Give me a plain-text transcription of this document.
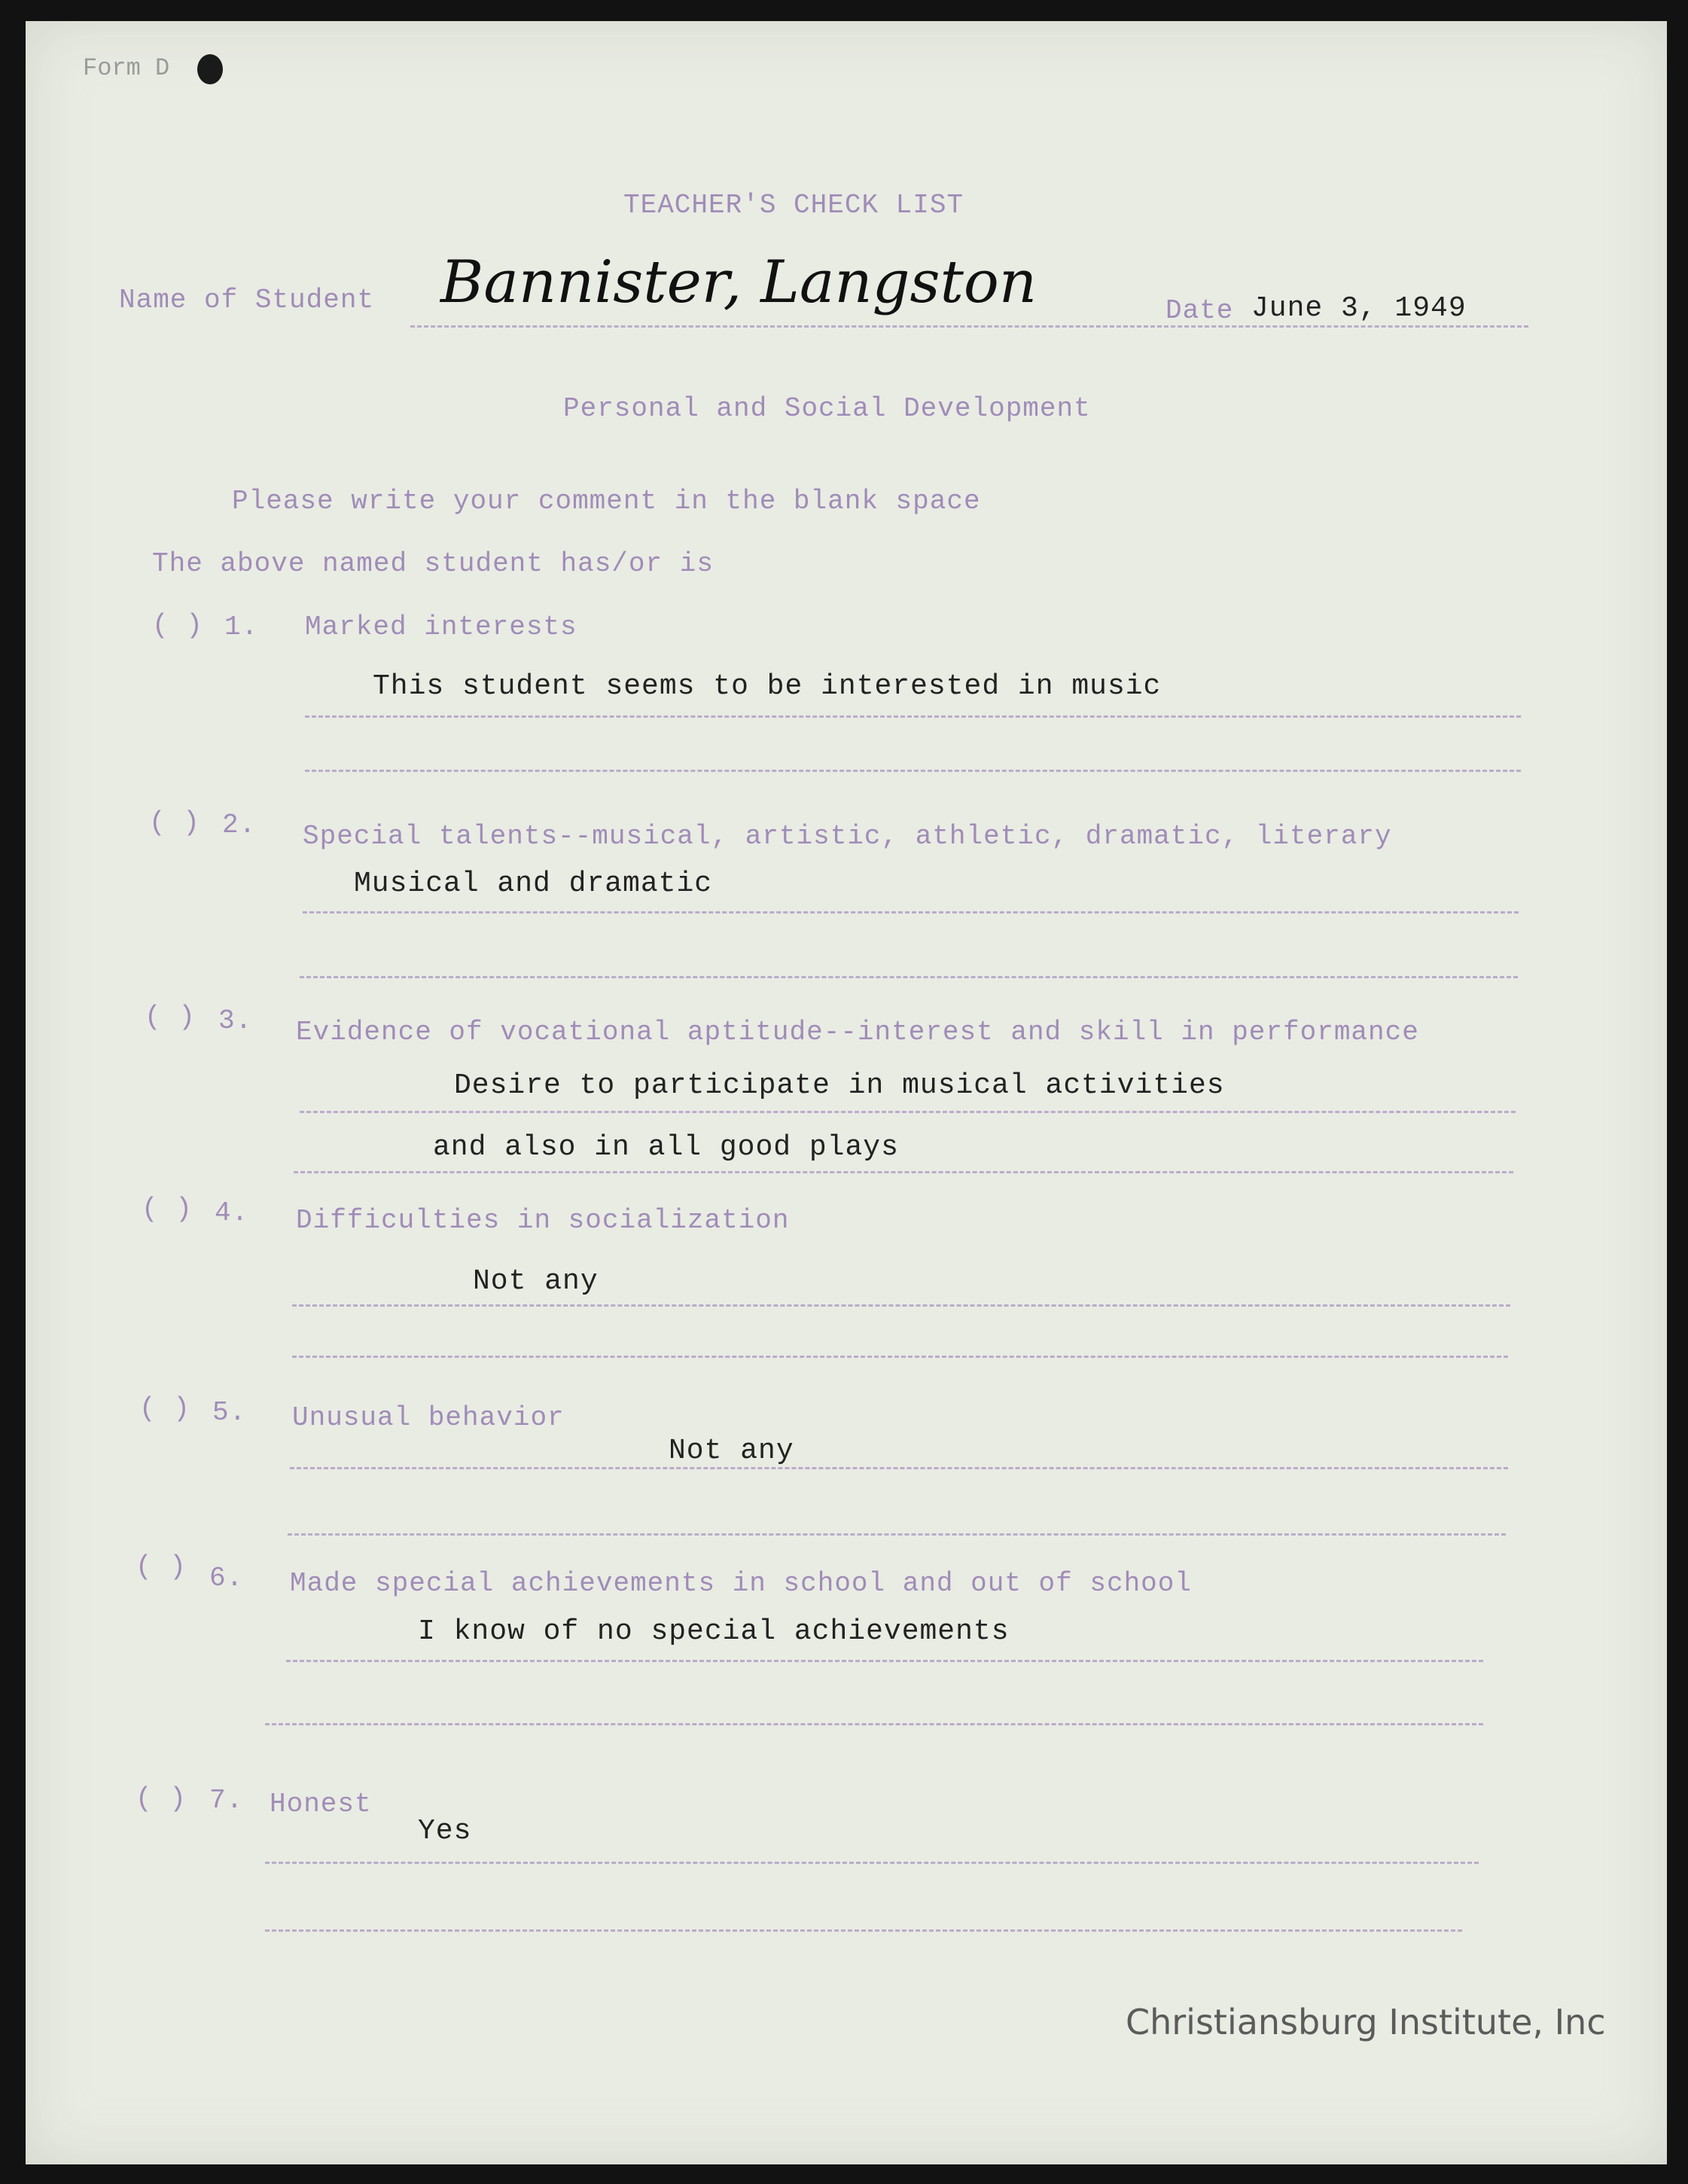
Form D
TEACHER'S CHECK LIST
Name of Student Bannister, Langston	Date June 3, 1949
Personal and Social Development
Please write your comment in the blank space
The above named student has/or is
( ) 1. Marked interests
This student seems to be interested in music
( ) 2. Special talents--musical, artistic, athletic, dramatic, literary
Musical and dramatic
( ) 3. Evidence of vocational aptitude--interest and skill in performance
Desire to participate in musical activities
and also in all good plays
( ) 4. Difficulties in socialization
Not any
( ) 5. Unusual behavior
Not any
( ) 6. Made special achievements in school and out of school
I know of no special achievements
( ) 7. Honest
Yes
Christiansburg Institute, Inc
